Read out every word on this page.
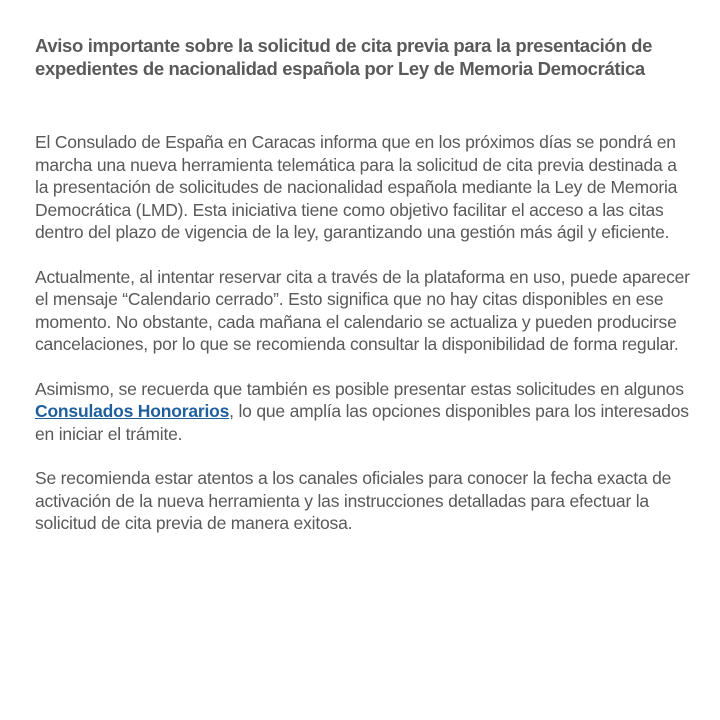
Aviso importante sobre la solicitud de cita previa para la presentación de expedientes de nacionalidad española por Ley de Memoria Democrática

El Consulado de España en Caracas informa que en los próximos días se pondrá en marcha una nueva herramienta telemática para la solicitud de cita previa destinada a la presentación de solicitudes de nacionalidad española mediante la Ley de Memoria Democrática (LMD). Esta iniciativa tiene como objetivo facilitar el acceso a las citas dentro del plazo de vigencia de la ley, garantizando una gestión más ágil y eficiente.

Actualmente, al intentar reservar cita a través de la plataforma en uso, puede aparecer el mensaje “Calendario cerrado”. Esto significa que no hay citas disponibles en ese momento. No obstante, cada mañana el calendario se actualiza y pueden producirse cancelaciones, por lo que se recomienda consultar la disponibilidad de forma regular.

Asimismo, se recuerda que también es posible presentar estas solicitudes en algunos Consulados Honorarios, lo que amplía las opciones disponibles para los interesados en iniciar el trámite.

Se recomienda estar atentos a los canales oficiales para conocer la fecha exacta de activación de la nueva herramienta y las instrucciones detalladas para efectuar la solicitud de cita previa de manera exitosa.
